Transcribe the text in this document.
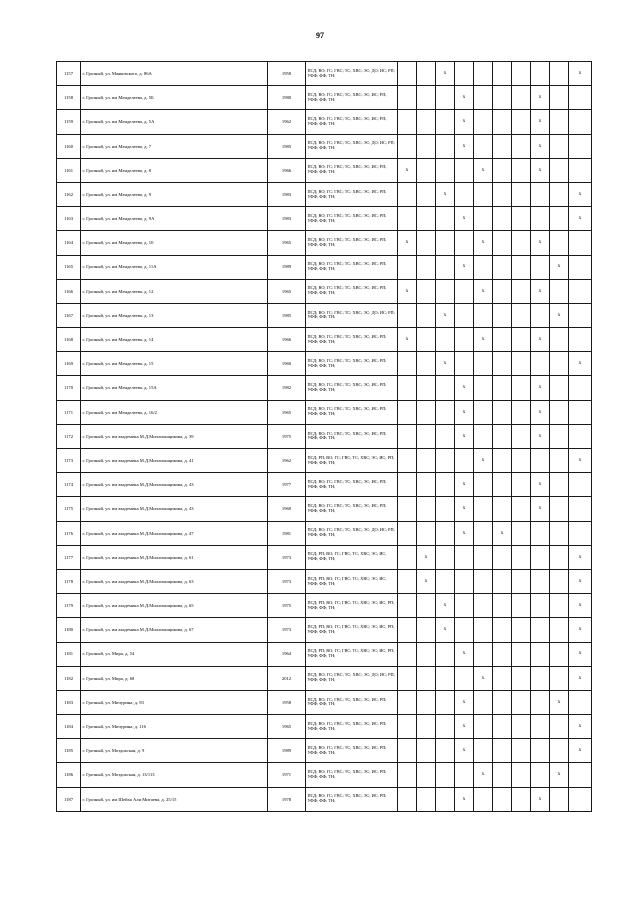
97
1157	г. Грозный, ул. Маяковского, д. 86А	1958	ПСД; ВО; ГС; ГВС; ТС; ХВС; ЭС; ДО; ИС; РП; УФФ; ФФ; ТН;			x							x
1158	г. Грозный, ул. им Менделеева, д. 5Б	1980	ПСД; ВО; ГС; ГВС; ТС; ХВС; ЭС; ИС; РП; УФФ; ФФ; ТН;				x				x		
1159	г. Грозный, ул. им Менделеева, д. 5А	1962	ПСД; ВО; ГС; ГВС; ТС; ХВС; ЭС; ИС; РП; УФФ; ФФ; ТН;				x				x		
1160	г. Грозный, ул. им Менделеева, д. 7	1985	ПСД; ВО; ГС; ГВС; ТС; ХВС; ЭС; ДО; ИС; РП; УФФ; ФФ; ТН;				x				x		
1161	г. Грозный, ул. им Менделеева, д. 8	1966	ПСД; ВО; ГС; ГВС; ТС; ХВС; ЭС; ИС; РП; УФФ; ФФ; ТН;	x				x			x		
1162	г. Грозный, ул. им Менделеева, д. 9	1983	ПСД; ВО; ГС; ГВС; ТС; ХВС; ЭС; ИС; РП; УФФ; ФФ; ТН;			x							x
1163	г. Грозный, ул. им Менделеева, д. 9А	1983	ПСД; ВО; ГС; ГВС; ТС; ХВС; ЭС; ИС; РП; УФФ; ФФ; ТН;				x						x
1164	г. Грозный, ул. им Менделеева, д. 10	1965	ПСД; ВО; ГС; ГВС; ТС; ХВС; ЭС; ИС; РП; УФФ; ФФ; ТН;	x				x			x		
1165	г. Грозный, ул. им Менделеева, д. 11А	1989	ПСД; ВО; ГС; ГВС; ТС; ХВС; ЭС; ИС; РП; УФФ; ФФ; ТН;				x					x	
1166	г. Грозный, ул. им Менделеева, д. 12	1965	ПСД; ВО; ГС; ГВС; ТС; ХВС; ЭС; ИС; РП; УФФ; ФФ; ТН;	x				x			x		
1167	г. Грозный, ул. им Менделеева, д. 13	1985	ПСД; ВО; ГС; ГВС; ТС; ХВС; ЭС; ДО; ИС; РП; УФФ; ФФ; ТН;			x						x	
1168	г. Грозный, ул. им Менделеева, д. 14	1966	ПСД; ВО; ГС; ГВС; ТС; ХВС; ЭС; ИС; РП; УФФ; ФФ; ТН;	x				x			x		
1169	г. Грозный, ул. им Менделеева, д. 15	1960	ПСД; ВО; ГС; ГВС; ТС; ХВС; ЭС; ИС; РП; УФФ; ФФ; ТН;			x							x
1170	г. Грозный, ул. им Менделеева, д. 15А	1982	ПСД; ВО; ГС; ГВС; ТС; ХВС; ЭС; ИС; РП; УФФ; ФФ; ТН;				x				x		
1171	г. Грозный, ул. им Менделеева, д. 16/2	1965	ПСД; ВО; ГС; ГВС; ТС; ХВС; ЭС; ИС; РП; УФФ; ФФ; ТН;				x				x		
1172	г. Грозный, ул. им академика М.Д.Миллионщикова, д. 39	1975	ПСД; ВО; ГС; ГВС; ТС; ХВС; ЭС; ИС; РП; УФФ; ФФ; ТН;				x				x		
1173	г. Грозный, ул. им академика М.Д.Миллионщикова, д. 41	1962	ПСД; РП; ВО; ГС; ГВС; ТС; ХВС; ЭС; ИС; РП; УФФ; ФФ; ТН;					x					x
1174	г. Грозный, ул. им академика М.Д.Миллионщикова, д. 43	1977	ПСД; ВО; ГС; ГВС; ТС; ХВС; ЭС; ИС; РП; УФФ; ФФ; ТН;				x				x		
1175	г. Грозный, ул. им академика М.Д.Миллионщикова, д. 43	1960	ПСД; ВО; ГС; ГВС; ТС; ХВС; ЭС; ИС; РП; УФФ; ФФ; ТН;				x				x		
1176	г. Грозный, ул. им академика М.Д.Миллионщикова, д. 47	1981	ПСД; ВО; ГС; ГВС; ТС; ХВС; ЭС; ДО; ИС; РП; УФФ; ФФ; ТН;				x		x				
1177	г. Грозный, ул. им академика М.Д.Миллионщикова, д. 61	1973	ПСД; РП; ВО; ГС; ГВС; ТС; ХВС; ЭС; ИС; УФФ; ФФ; ТН;		x								x
1178	г. Грозный, ул. им академика М.Д.Миллионщикова, д. 63	1973	ПСД; РП; ВО; ГС; ГВС; ТС; ХВС; ЭС; ИС; УФФ; ФФ; ТН;		x								x
1179	г. Грозный, ул. им академика М.Д.Миллионщикова, д. 65	1975	ПСД; РП; ВО; ГС; ГВС; ТС; ХВС; ЭС; ИС; РП; УФФ; ФФ; ТН;			x							x
1180	г. Грозный, ул. им академика М.Д.Миллионщикова, д. 67	1973	ПСД; РП; ВО; ГС; ГВС; ТС; ХВС; ЭС; ИС; РП; УФФ; ФФ; ТН;			x							x
1181	г. Грозный, ул. Мира, д. 54	1964	ПСД; РП; ВО; ГС; ГВС; ТС; ХВС; ЭС; ИС; РП; УФФ; ФФ; ТН;				x						x
1182	г. Грозный, ул. Мира, д. 68	2012	ПСД; ВО; ГС; ГВС; ТС; ХВС; ЭС; ДО; ИС; РП; УФФ; ФФ; ТН;					x					x
1183	г. Грозный, ул. Мичурина, д. 93	1958	ПСД; ВО; ГС; ГВС; ТС; ХВС; ЭС; ИС; РП; УФФ; ФФ; ТН;				x					x	
1184	г. Грозный, ул. Мичурина, д. 116	1965	ПСД; ВО; ГС; ГВС; ТС; ХВС; ЭС; ИС; РП; УФФ; ФФ; ТН;				x						x
1185	г. Грозный, ул. Моздокская, д. 9	1989	ПСД; ВО; ГС; ГВС; ТС; ХВС; ЭС; ИС; РП; УФФ; ФФ; ТН;				x						x
1186	г. Грозный, ул. Моздокская, д. 13/113	1971	ПСД; ВО; ГС; ГВС; ТС; ХВС; ЭС; ИС; РП; УФФ; ФФ; ТН;					x				x	
1187	г. Грозный, ул. им Шейха Али Митаева, д. 25/15	1978	ПСД; ВО; ГС; ГВС; ТС; ХВС; ЭС; ИС; РП; УФФ; ФФ; ТН;				x				x		
